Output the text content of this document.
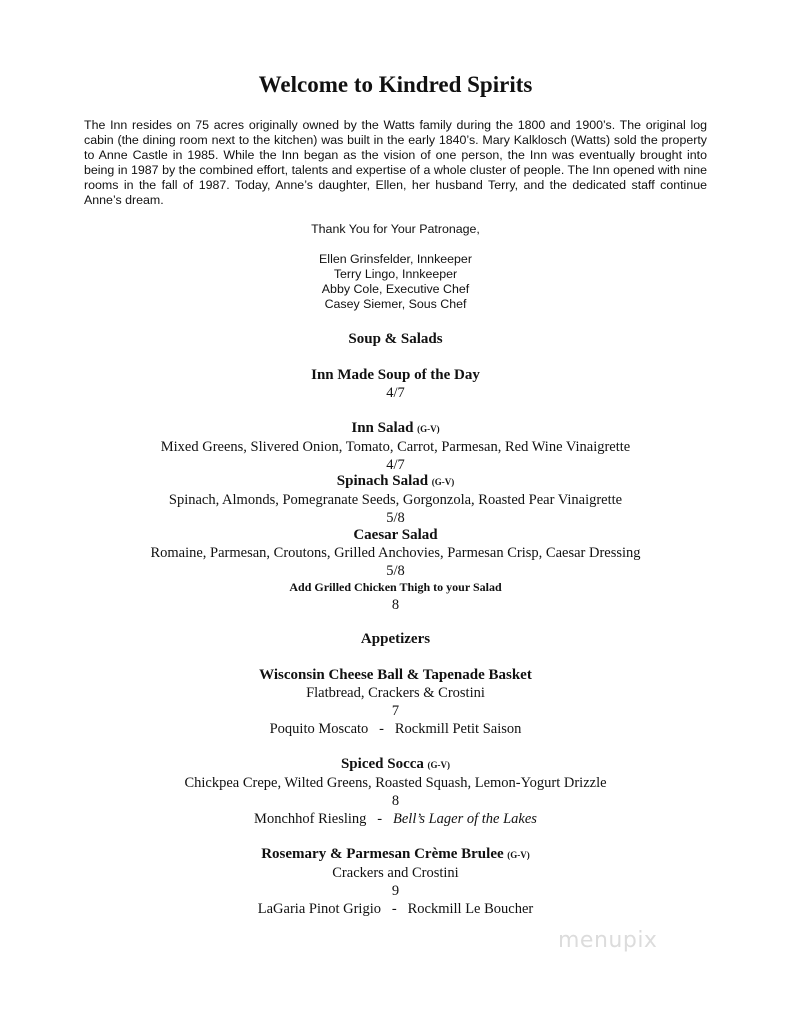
Welcome to Kindred Spirits

The Inn resides on 75 acres originally owned by the Watts family during the 1800 and 1900’s. The original log cabin (the dining room next to the kitchen) was built in the early 1840’s. Mary Kalklosch (Watts) sold the property to Anne Castle in 1985. While the Inn began as the vision of one person, the Inn was eventually brought into being in 1987 by the combined effort, talents and expertise of a whole cluster of people. The Inn opened with nine rooms in the fall of 1987. Today, Anne’s daughter, Ellen, her husband Terry, and the dedicated staff continue Anne’s dream.

Thank You for Your Patronage,
Ellen Grinsfelder, Innkeeper
Terry Lingo, Innkeeper
Abby Cole, Executive Chef
Casey Siemer, Sous Chef
Soup & Salads
Inn Made Soup of the Day
4/7
Inn Salad (G-V)
Mixed Greens, Slivered Onion, Tomato, Carrot, Parmesan, Red Wine Vinaigrette
4/7
Spinach Salad (G-V)
Spinach, Almonds, Pomegranate Seeds, Gorgonzola, Roasted Pear Vinaigrette
5/8
Caesar Salad
Romaine, Parmesan, Croutons, Grilled Anchovies, Parmesan Crisp, Caesar Dressing
5/8
Add Grilled Chicken Thigh to your Salad
8
Appetizers
Wisconsin Cheese Ball & Tapenade Basket
Flatbread, Crackers & Crostini
7
Poquito Moscato - Rockmill Petit Saison
Spiced Socca (G-V)
Chickpea Crepe, Wilted Greens, Roasted Squash, Lemon-Yogurt Drizzle
8
Monchhof Riesling - Bell’s Lager of the Lakes
Rosemary & Parmesan Crème Brulee (G-V)
Crackers and Crostini
9
LaGaria Pinot Grigio - Rockmill Le Boucher
menupix
